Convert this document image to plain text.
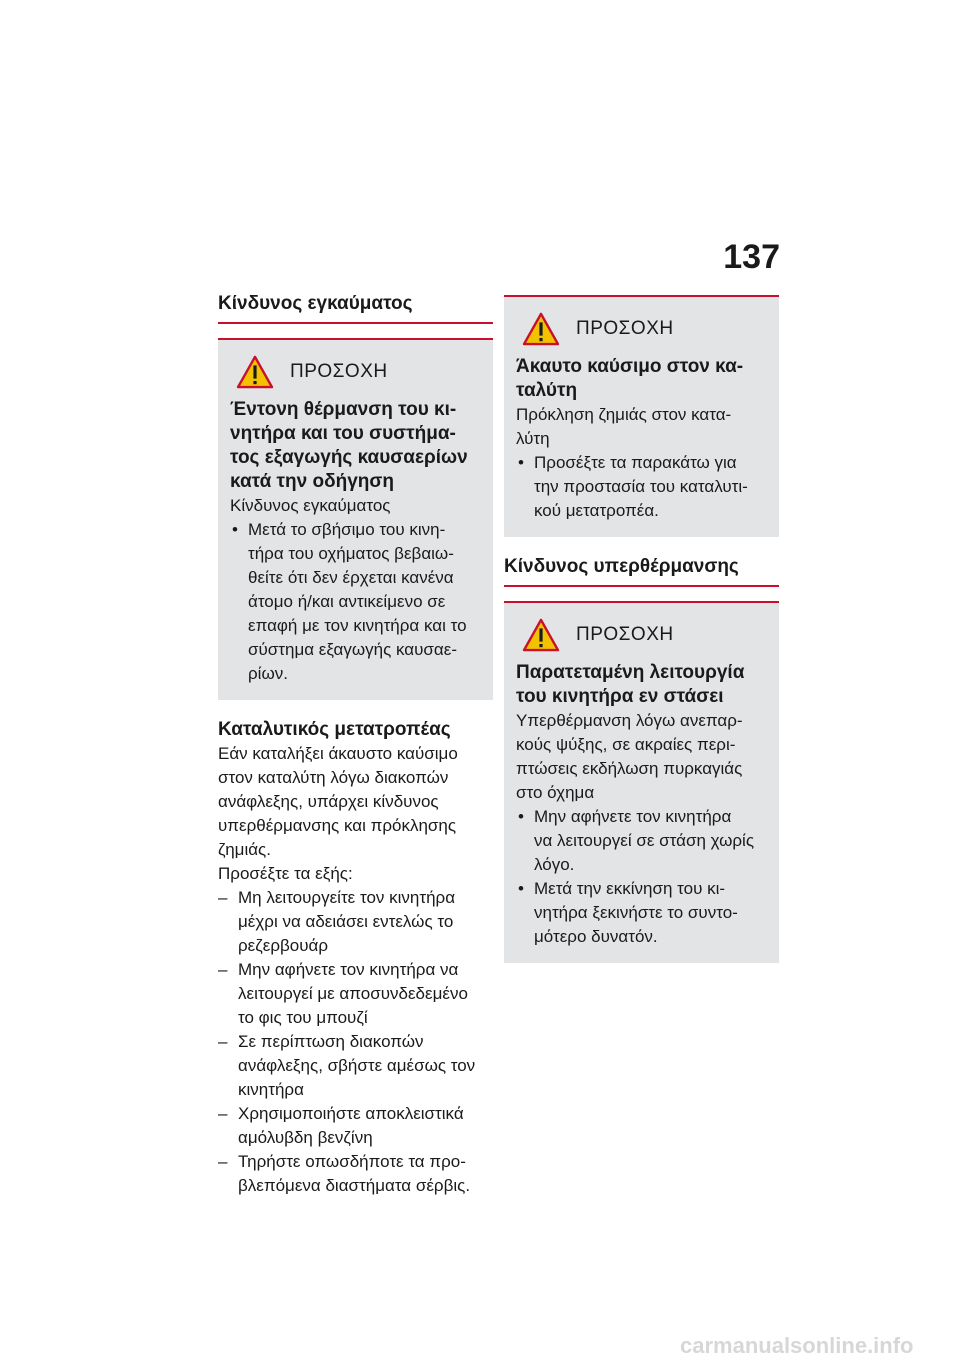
137
Κίνδυνος εγκαύματος
ΠΡΟΣΟΧΗ

Έντονη θέρμανση του κι-

νητήρα και του συστήμα-

τος εξαγωγής καυσαερίων

κατά την οδήγηση

Κίνδυνος εγκαύματος

• Μετά το σβήσιμο του κινη-
τήρα του οχήματος βεβαιω-
θείτε ότι δεν έρχεται κανένα
άτομο ή/και αντικείμενο σε
επαφή με τον κινητήρα και το
σύστημα εξαγωγής καυσαε-
ρίων.

Καταλυτικός μετατροπέας

Εάν καταλήξει άκαυστο καύσιμο

στον καταλύτη λόγω διακοπών

ανάφλεξης, υπάρχει κίνδυνος

υπερθέρμανσης και πρόκλησης

ζημιάς.

Προσέξτε τα εξής:

– Μη λειτουργείτε τον κινητήρα
μέχρι να αδειάσει εντελώς το
ρεζερβουάρ
– Μην αφήνετε τον κινητήρα να
λειτουργεί με αποσυνδεδεμένο
το φις του μπουζί
– Σε περίπτωση διακοπών
ανάφλεξης, σβήστε αμέσως τον
κινητήρα
– Χρησιμοποιήστε αποκλειστικά
αμόλυβδη βενζίνη
– Τηρήστε οπωσδήποτε τα προ-
βλεπόμενα διαστήματα σέρβις.
ΠΡΟΣΟΧΗ

Άκαυτο καύσιμο στον κα-

ταλύτη

Πρόκληση ζημιάς στον κατα-

λύτη

• Προσέξτε τα παρακάτω για
την προστασία του καταλυτι-
κού μετατροπέα.
Κίνδυνος υπερθέρμανσης
ΠΡΟΣΟΧΗ

Παρατεταμένη λειτουργία

του κινητήρα εν στάσει

Υπερθέρμανση λόγω ανεπαρ-

κούς ψύξης, σε ακραίες περι-

πτώσεις εκδήλωση πυρκαγιάς

στο όχημα

• Μην αφήνετε τον κινητήρα
να λειτουργεί σε στάση χωρίς
λόγο.
• Μετά την εκκίνηση του κι-
νητήρα ξεκινήστε το συντο-
μότερο δυνατόν.
carmanualsonline.info
